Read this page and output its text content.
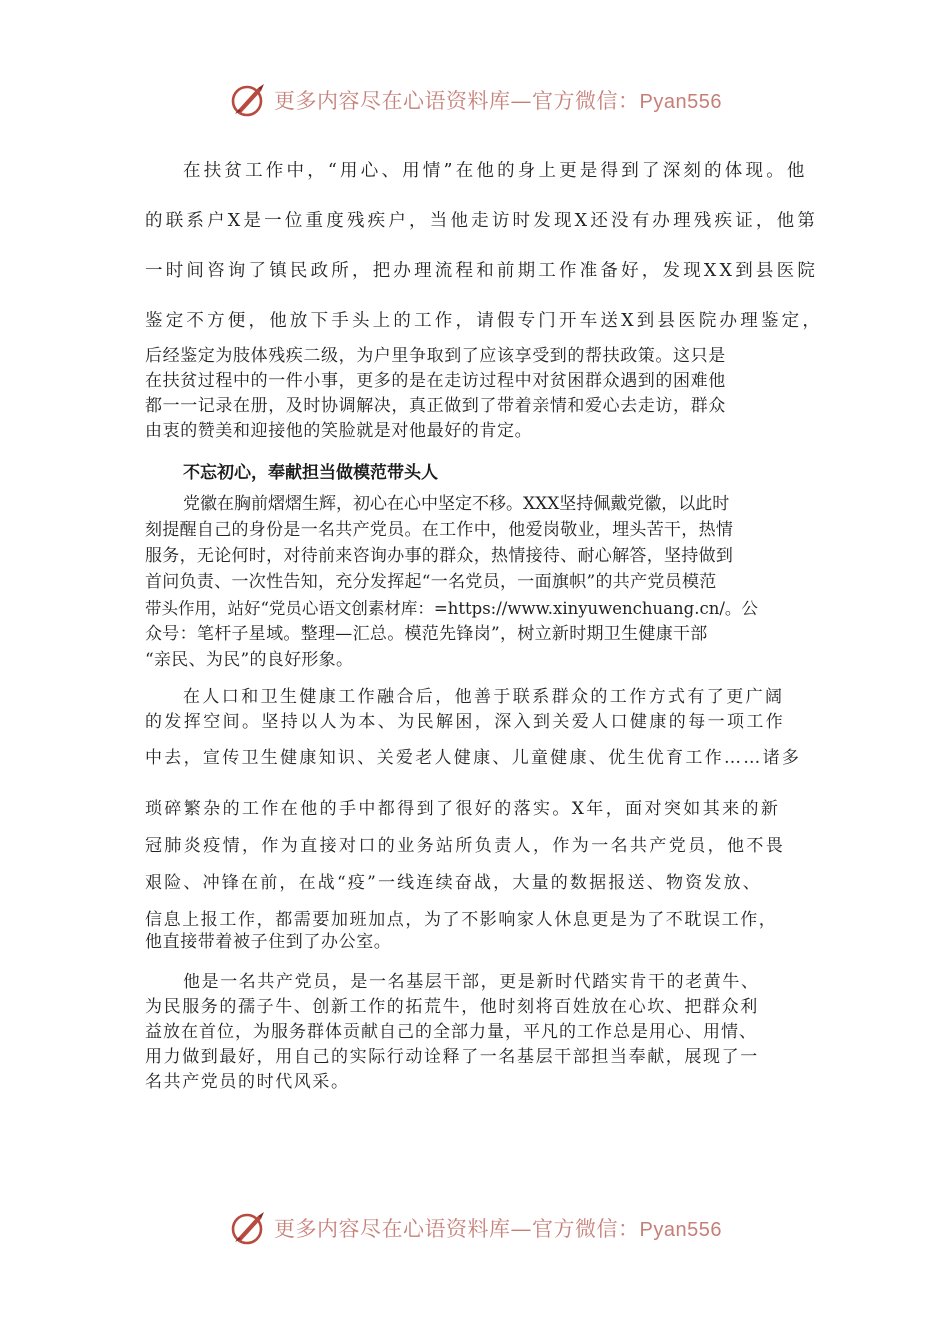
更多内容尽在心语资料库—官方微信：Pyan556
在扶贫工作中，“用心、用情”在他的身上更是得到了深刻的体现。他
的联系户X是一位重度残疾户，当他走访时发现X还没有办理残疾证，他第
一时间咨询了镇民政所，把办理流程和前期工作准备好，发现XX到县医院
鉴定不方便，他放下手头上的工作，请假专门开车送X到县医院办理鉴定，
后经鉴定为肢体残疾二级，为户里争取到了应该享受到的帮扶政策。这只是
在扶贫过程中的一件小事，更多的是在走访过程中对贫困群众遇到的困难他
都一一记录在册，及时协调解决，真正做到了带着亲情和爱心去走访，群众
由衷的赞美和迎接他的笑脸就是对他最好的肯定。
不忘初心，奉献担当做模范带头人
党徽在胸前熠熠生辉，初心在心中坚定不移。XXX坚持佩戴党徽，以此时
刻提醒自己的身份是一名共产党员。在工作中，他爱岗敬业，埋头苦干，热情
服务，无论何时，对待前来咨询办事的群众，热情接待、耐心解答，坚持做到
首问负责、一次性告知，充分发挥起“一名党员，一面旗帜”的共产党员模范
带头作用，站好“党员心语文创素材库：=https://www.xinyuwenchuang.cn/。公
众号：笔杆子星域。整理—汇总。模范先锋岗”，树立新时期卫生健康干部
“亲民、为民”的良好形象。
在人口和卫生健康工作融合后，他善于联系群众的工作方式有了更广阔
的发挥空间。坚持以人为本、为民解困，深入到关爱人口健康的每一项工作
中去，宣传卫生健康知识、关爱老人健康、儿童健康、优生优育工作……诸多
琐碎繁杂的工作在他的手中都得到了很好的落实。X年，面对突如其来的新
冠肺炎疫情，作为直接对口的业务站所负责人，作为一名共产党员，他不畏
艰险、冲锋在前，在战“疫”一线连续奋战，大量的数据报送、物资发放、
信息上报工作，都需要加班加点，为了不影响家人休息更是为了不耽误工作，
他直接带着被子住到了办公室。
他是一名共产党员，是一名基层干部，更是新时代踏实肯干的老黄牛、
为民服务的孺子牛、创新工作的拓荒牛，他时刻将百姓放在心坎、把群众利
益放在首位，为服务群体贡献自己的全部力量，平凡的工作总是用心、用情、
用力做到最好，用自己的实际行动诠释了一名基层干部担当奉献，展现了一
名共产党员的时代风采。
更多内容尽在心语资料库—官方微信：Pyan556
